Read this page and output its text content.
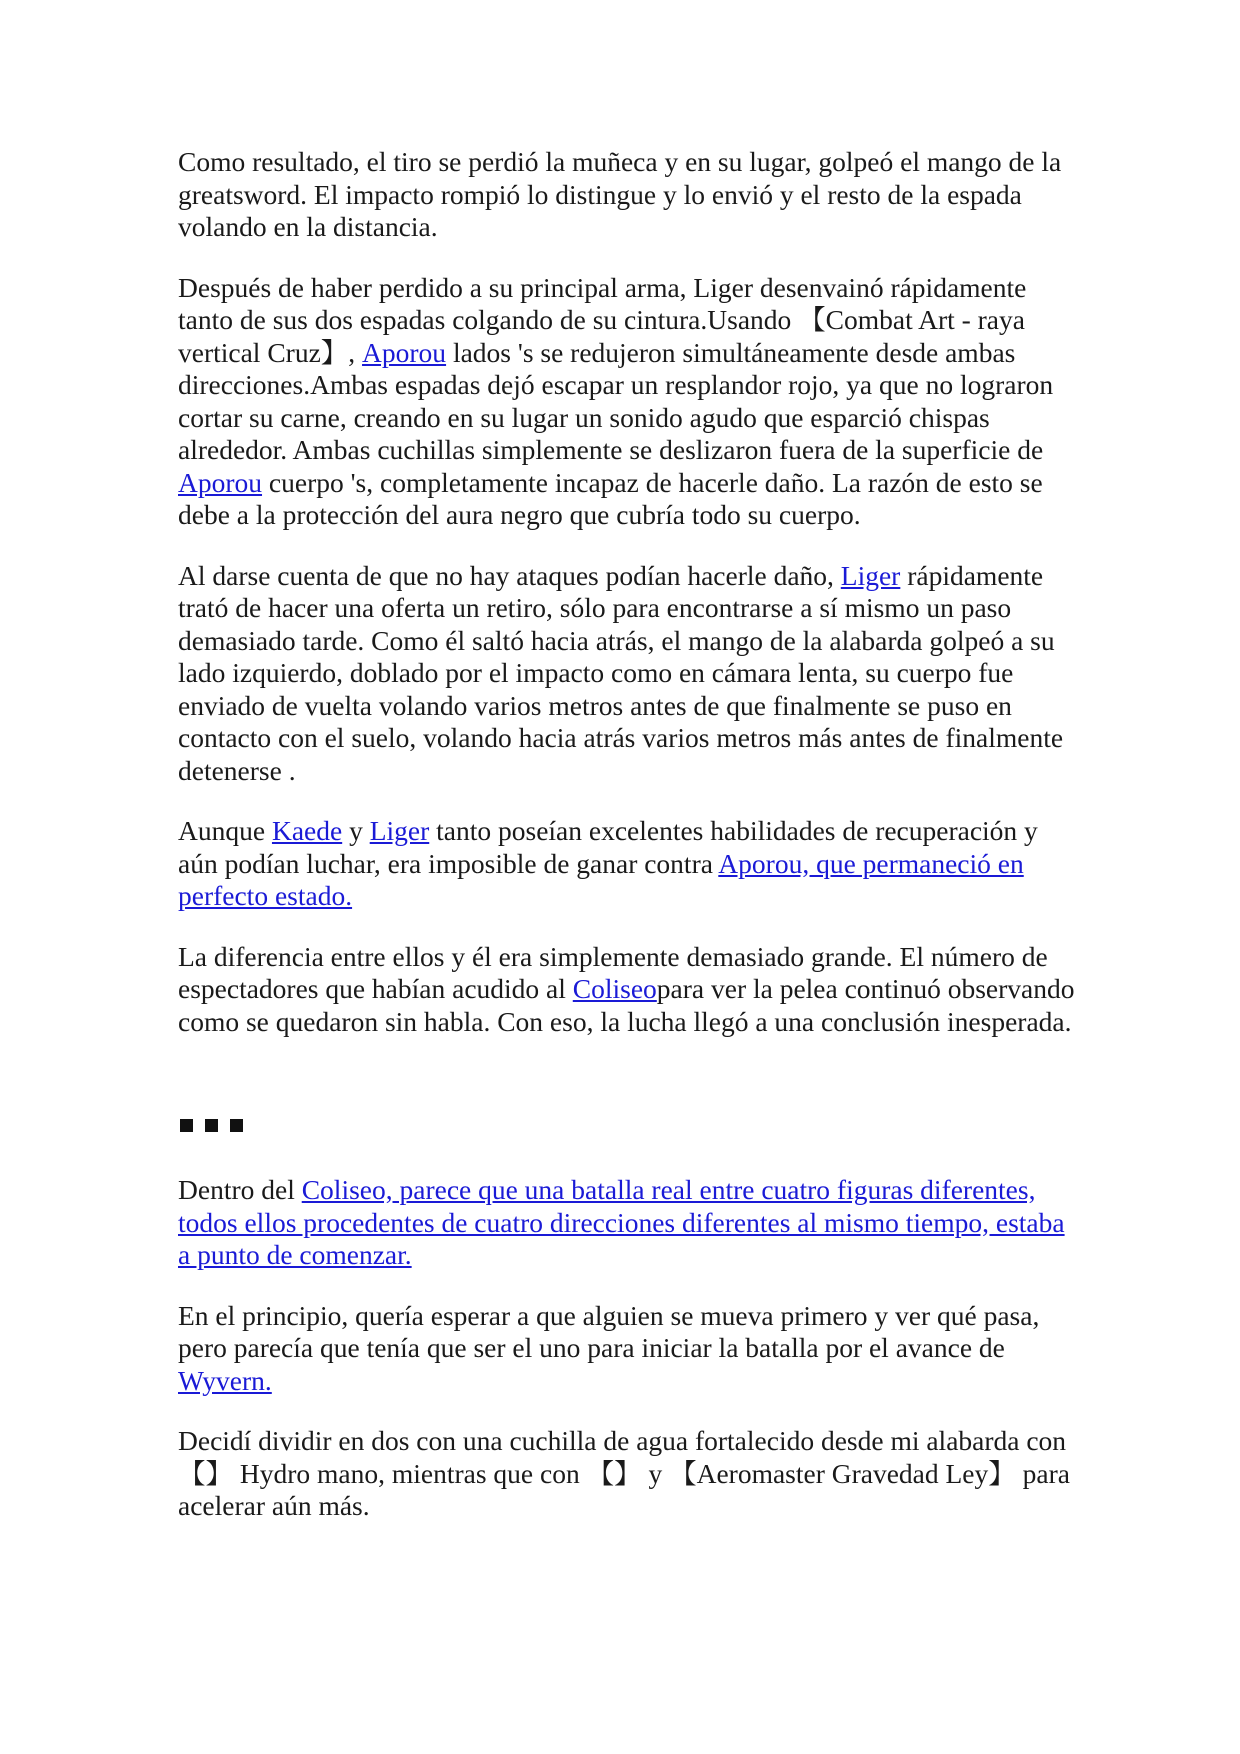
Como resultado, el tiro se perdió la muñeca y en su lugar, golpeó el mango de la greatsword. El impacto rompió lo distingue y lo envió y el resto de la espada volando en la distancia.

Después de haber perdido a su principal arma, Liger desenvainó rápidamente tanto de sus dos espadas colgando de su cintura.Usando 【Combat Art - raya vertical Cruz】, Aporou lados 's se redujeron simultáneamente desde ambas direcciones.Ambas espadas dejó escapar un resplandor rojo, ya que no lograron cortar su carne, creando en su lugar un sonido agudo que esparció chispas alrededor. Ambas cuchillas simplemente se deslizaron fuera de la superficie de Aporou cuerpo 's, completamente incapaz de hacerle daño. La razón de esto se debe a la protección del aura negro que cubría todo su cuerpo.

Al darse cuenta de que no hay ataques podían hacerle daño, Liger rápidamente trató de hacer una oferta un retiro, sólo para encontrarse a sí mismo un paso demasiado tarde. Como él saltó hacia atrás, el mango de la alabarda golpeó a su lado izquierdo, doblado por el impacto como en cámara lenta, su cuerpo fue enviado de vuelta volando varios metros antes de que finalmente se puso en contacto con el suelo, volando hacia atrás varios metros más antes de finalmente detenerse .

Aunque Kaede y Liger tanto poseían excelentes habilidades de recuperación y aún podían luchar, era imposible de ganar contra Aporou, que permaneció en perfecto estado.

La diferencia entre ellos y él era simplemente demasiado grande. El número de espectadores que habían acudido al Coliseopara ver la pelea continuó observando como se quedaron sin habla. Con eso, la lucha llegó a una conclusión inesperada.

Dentro del Coliseo, parece que una batalla real entre cuatro figuras diferentes, todos ellos procedentes de cuatro direcciones diferentes al mismo tiempo, estaba a punto de comenzar.

En el principio, quería esperar a que alguien se mueva primero y ver qué pasa, pero parecía que tenía que ser el uno para iniciar la batalla por el avance de Wyvern.

Decidí dividir en dos con una cuchilla de agua fortalecido desde mi alabarda con 【】 Hydro mano, mientras que con 【】 y 【Aeromaster Gravedad Ley】 para acelerar aún más.
